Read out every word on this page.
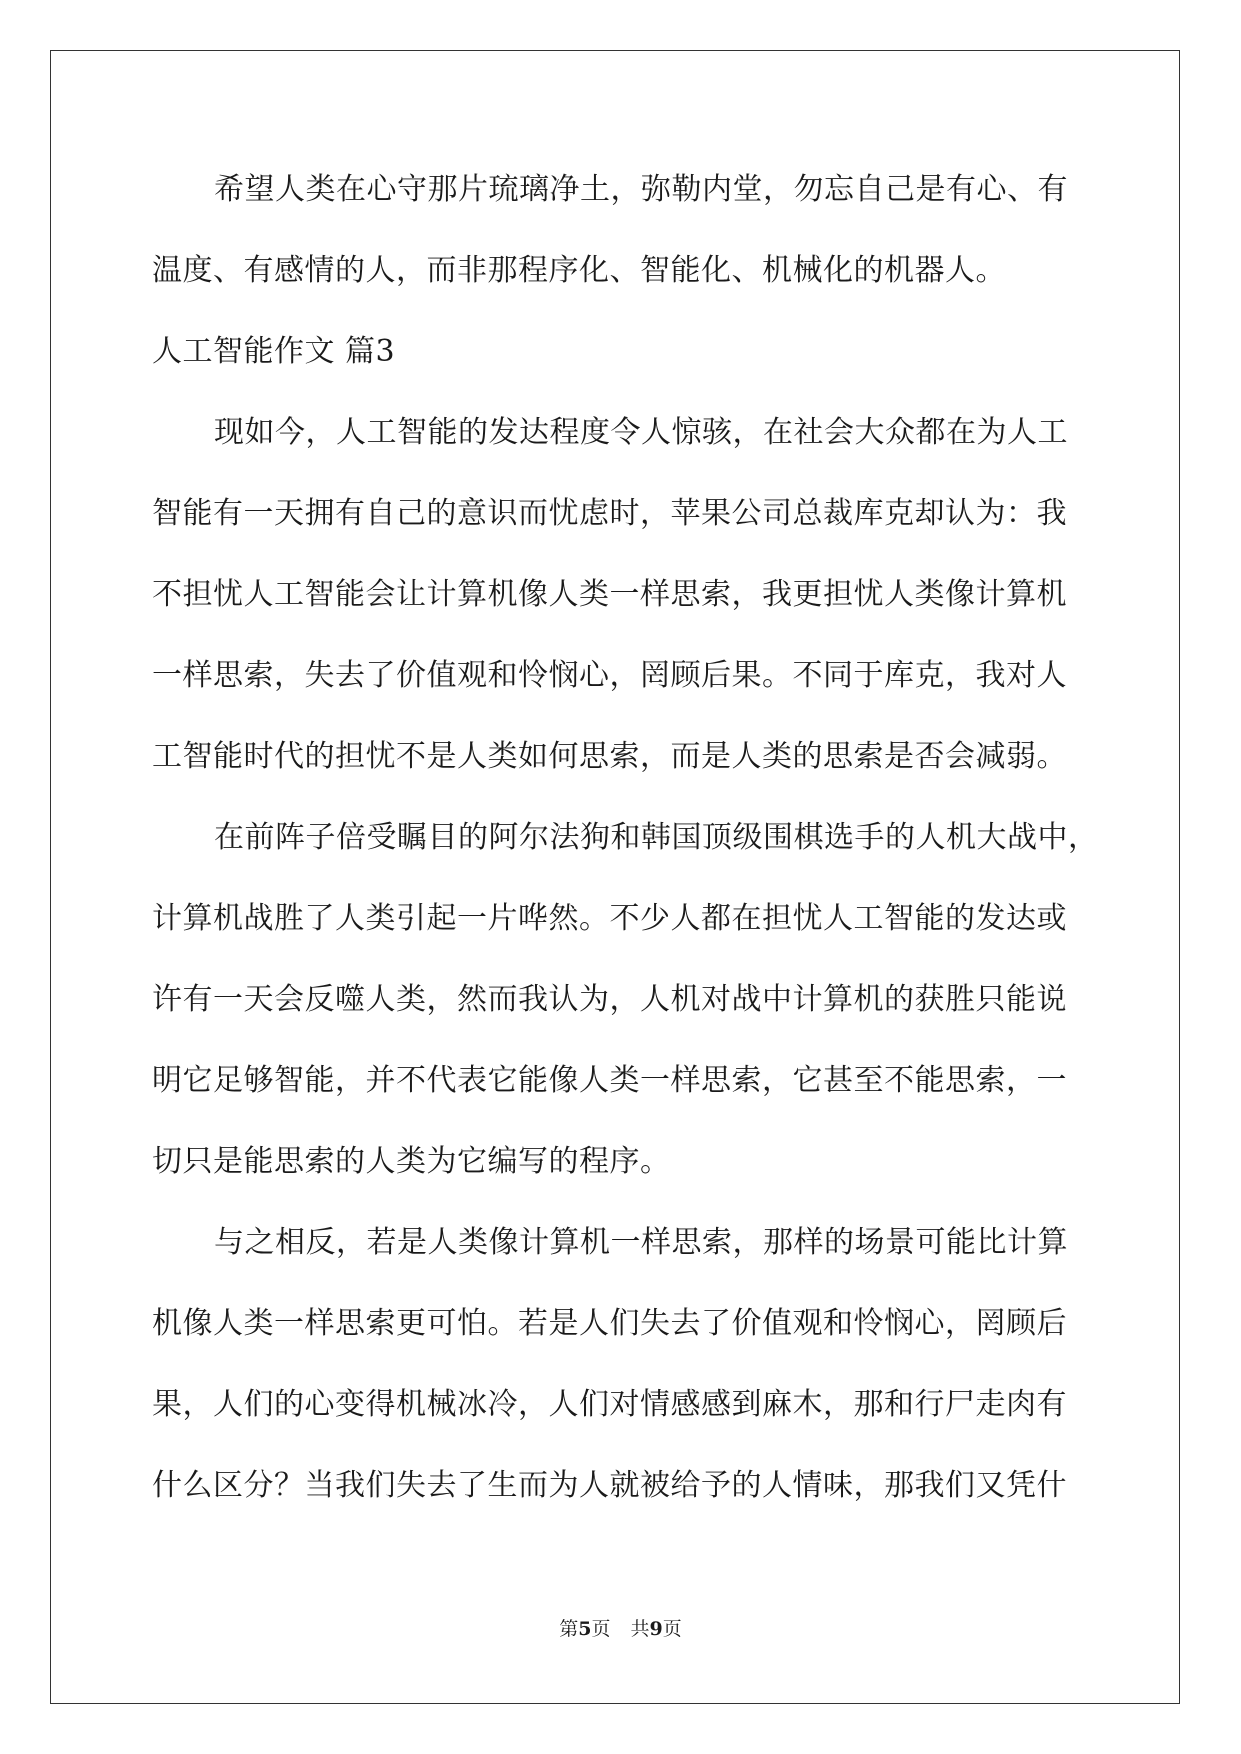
希望人类在心守那片琉璃净土，弥勒内堂，勿忘自己是有心、有
温度、有感情的人，而非那程序化、智能化、机械化的机器人。
人工智能作文 篇3
现如今，人工智能的发达程度令人惊骇，在社会大众都在为人工
智能有一天拥有自己的意识而忧虑时，苹果公司总裁库克却认为：我
不担忧人工智能会让计算机像人类一样思索，我更担忧人类像计算机
一样思索，失去了价值观和怜悯心，罔顾后果。不同于库克，我对人
工智能时代的担忧不是人类如何思索，而是人类的思索是否会减弱。
在前阵子倍受瞩目的阿尔法狗和韩国顶级围棋选手的人机大战中，
计算机战胜了人类引起一片哗然。不少人都在担忧人工智能的发达或
许有一天会反噬人类，然而我认为，人机对战中计算机的获胜只能说
明它足够智能，并不代表它能像人类一样思索，它甚至不能思索，一
切只是能思索的人类为它编写的程序。
与之相反，若是人类像计算机一样思索，那样的场景可能比计算
机像人类一样思索更可怕。若是人们失去了价值观和怜悯心，罔顾后
果，人们的心变得机械冰冷，人们对情感感到麻木，那和行尸走肉有
什么区分？当我们失去了生而为人就被给予的人情味，那我们又凭什
第5页 共9页
